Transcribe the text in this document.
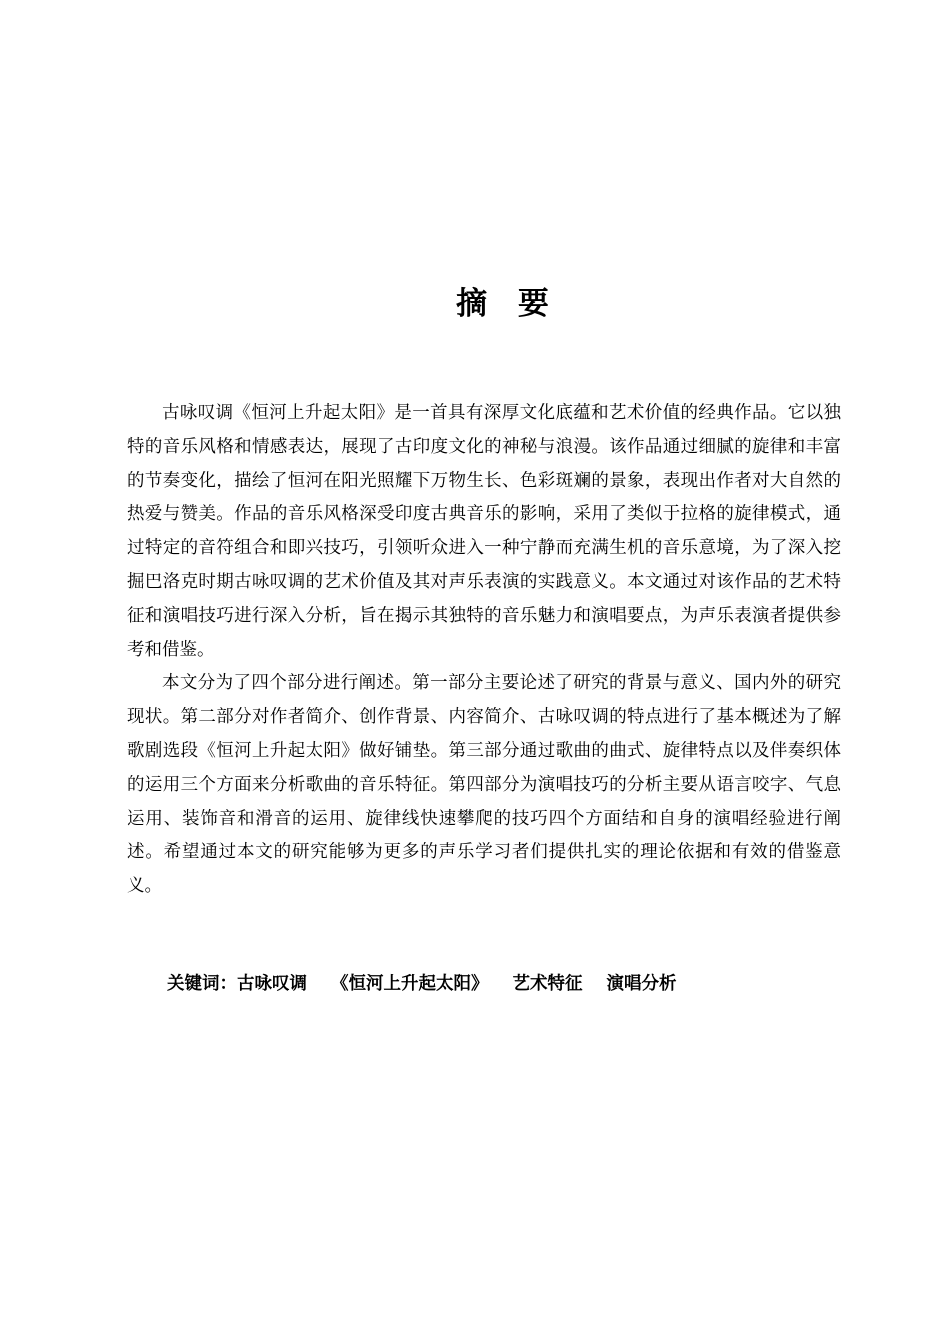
摘 要

古咏叹调《恒河上升起太阳》是一首具有深厚文化底蕴和艺术价值的经典作品。它以独特的音乐风格和情感表达，展现了古印度文化的神秘与浪漫。该作品通过细腻的旋律和丰富的节奏变化，描绘了恒河在阳光照耀下万物生长、色彩斑斓的景象，表现出作者对大自然的热爱与赞美。作品的音乐风格深受印度古典音乐的影响，采用了类似于拉格的旋律模式，通过特定的音符组合和即兴技巧，引领听众进入一种宁静而充满生机的音乐意境，为了深入挖掘巴洛克时期古咏叹调的艺术价值及其对声乐表演的实践意义。本文通过对该作品的艺术特征和演唱技巧进行深入分析，旨在揭示其独特的音乐魅力和演唱要点，为声乐表演者提供参考和借鉴。

本文分为了四个部分进行阐述。第一部分主要论述了研究的背景与意义、国内外的研究现状。第二部分对作者简介、创作背景、内容简介、古咏叹调的特点进行了基本概述为了解歌剧选段《恒河上升起太阳》做好铺垫。第三部分通过歌曲的曲式、旋律特点以及伴奏织体的运用三个方面来分析歌曲的音乐特征。第四部分为演唱技巧的分析主要从语言咬字、气息运用、装饰音和滑音的运用、旋律线快速攀爬的技巧四个方面结和自身的演唱经验进行阐述。希望通过本文的研究能够为更多的声乐学习者们提供扎实的理论依据和有效的借鉴意义。

关键词：古咏叹调 《恒河上升起太阳》 艺术特征 演唱分析
